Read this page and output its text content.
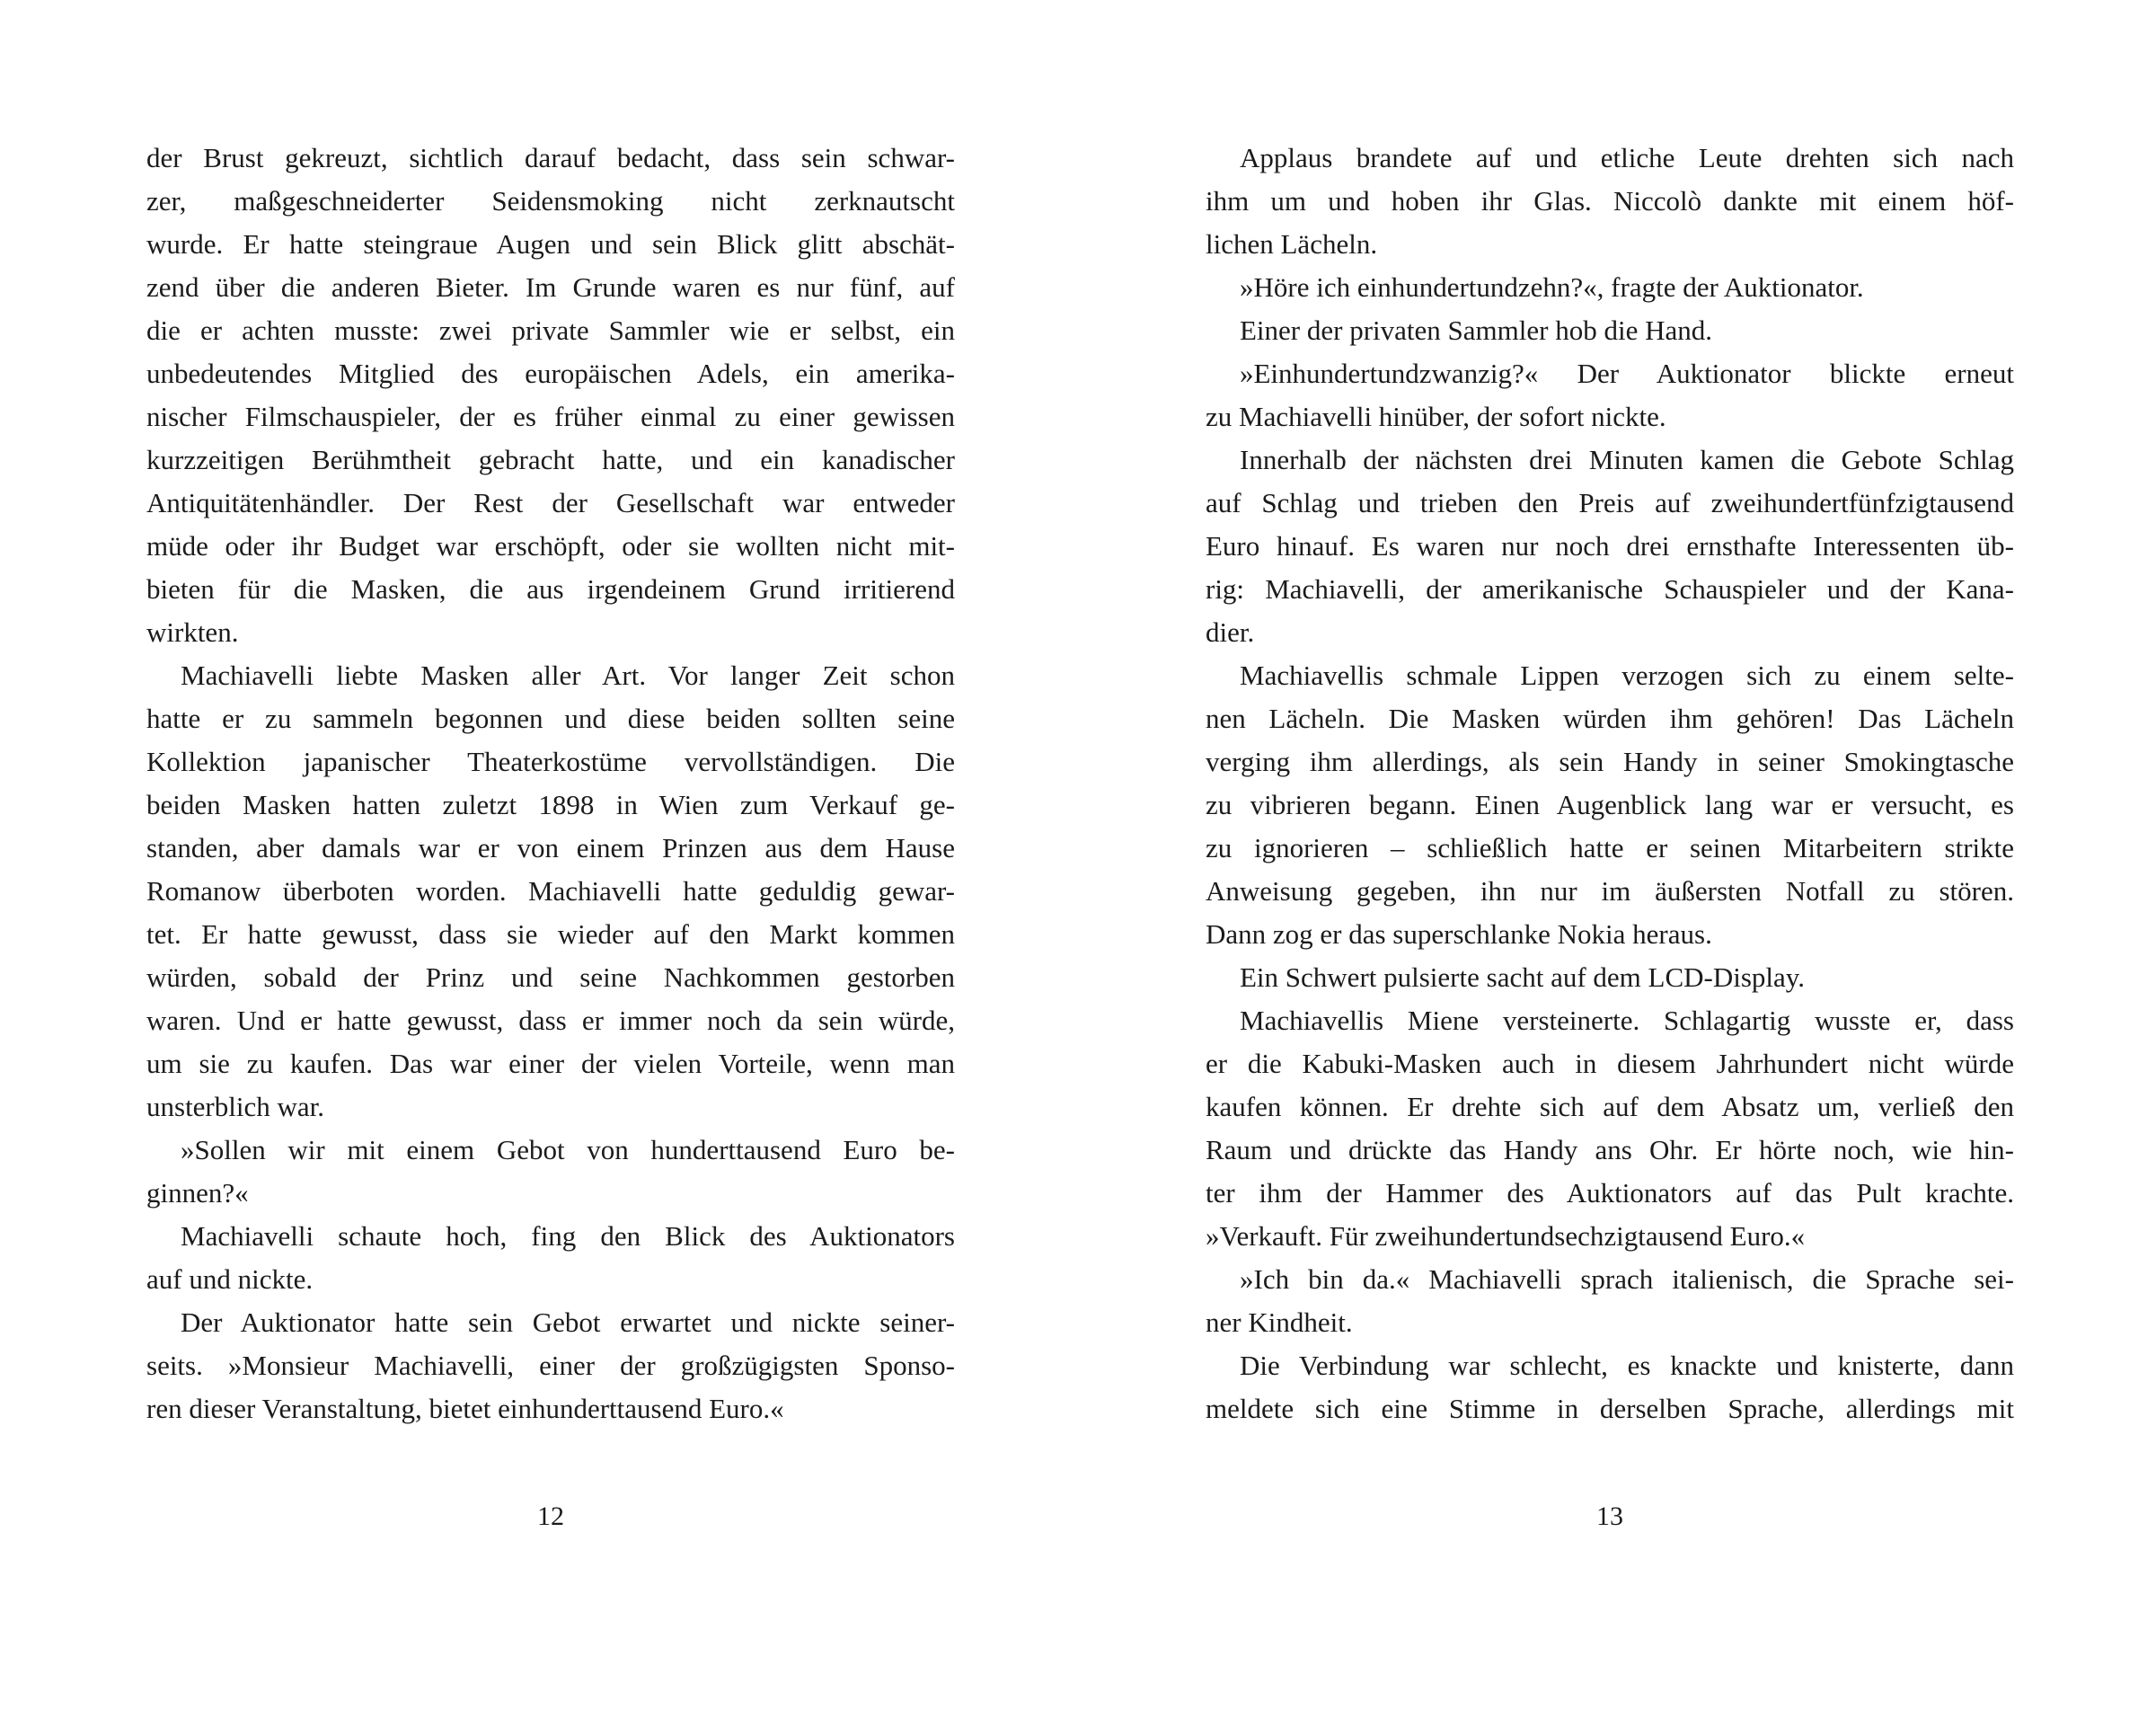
der Brust gekreuzt, sichtlich darauf bedacht, dass sein schwar-
zer, maßgeschneiderter Seidensmoking nicht zerknautscht
wurde. Er hatte steingraue Augen und sein Blick glitt abschät-
zend über die anderen Bieter. Im Grunde waren es nur fünf, auf
die er achten musste: zwei private Sammler wie er selbst, ein
unbedeutendes Mitglied des europäischen Adels, ein amerika-
nischer Filmschauspieler, der es früher einmal zu einer gewissen
kurzzeitigen Berühmtheit gebracht hatte, und ein kanadischer
Antiquitätenhändler. Der Rest der Gesellschaft war entweder
müde oder ihr Budget war erschöpft, oder sie wollten nicht mit-
bieten für die Masken, die aus irgendeinem Grund irritierend
wirkten.
Machiavelli liebte Masken aller Art. Vor langer Zeit schon
hatte er zu sammeln begonnen und diese beiden sollten seine
Kollektion japanischer Theaterkostüme vervollständigen. Die
beiden Masken hatten zuletzt 1898 in Wien zum Verkauf ge-
standen, aber damals war er von einem Prinzen aus dem Hause
Romanow überboten worden. Machiavelli hatte geduldig gewar-
tet. Er hatte gewusst, dass sie wieder auf den Markt kommen
würden, sobald der Prinz und seine Nachkommen gestorben
waren. Und er hatte gewusst, dass er immer noch da sein würde,
um sie zu kaufen. Das war einer der vielen Vorteile, wenn man
unsterblich war.
»Sollen wir mit einem Gebot von hunderttausend Euro be-
ginnen?«
Machiavelli schaute hoch, fing den Blick des Auktionators
auf und nickte.
Der Auktionator hatte sein Gebot erwartet und nickte seiner-
seits. »Monsieur Machiavelli, einer der großzügigsten Sponso-
ren dieser Veranstaltung, bietet einhunderttausend Euro.«
Applaus brandete auf und etliche Leute drehten sich nach
ihm um und hoben ihr Glas. Niccolò dankte mit einem höf-
lichen Lächeln.
»Höre ich einhundertundzehn?«, fragte der Auktionator.
Einer der privaten Sammler hob die Hand.
»Einhundertundzwanzig?« Der Auktionator blickte erneut
zu Machiavelli hinüber, der sofort nickte.
Innerhalb der nächsten drei Minuten kamen die Gebote Schlag
auf Schlag und trieben den Preis auf zweihundertfünfzigtausend
Euro hinauf. Es waren nur noch drei ernsthafte Interessenten üb-
rig: Machiavelli, der amerikanische Schauspieler und der Kana-
dier.
Machiavellis schmale Lippen verzogen sich zu einem selte-
nen Lächeln. Die Masken würden ihm gehören! Das Lächeln
verging ihm allerdings, als sein Handy in seiner Smokingtasche
zu vibrieren begann. Einen Augenblick lang war er versucht, es
zu ignorieren – schließlich hatte er seinen Mitarbeitern strikte
Anweisung gegeben, ihn nur im äußersten Notfall zu stören.
Dann zog er das superschlanke Nokia heraus.
Ein Schwert pulsierte sacht auf dem LCD-Display.
Machiavellis Miene versteinerte. Schlagartig wusste er, dass
er die Kabuki-Masken auch in diesem Jahrhundert nicht würde
kaufen können. Er drehte sich auf dem Absatz um, verließ den
Raum und drückte das Handy ans Ohr. Er hörte noch, wie hin-
ter ihm der Hammer des Auktionators auf das Pult krachte.
»Verkauft. Für zweihundertundsechzigtausend Euro.«
»Ich bin da.« Machiavelli sprach italienisch, die Sprache sei-
ner Kindheit.
Die Verbindung war schlecht, es knackte und knisterte, dann
meldete sich eine Stimme in derselben Sprache, allerdings mit
12	13
